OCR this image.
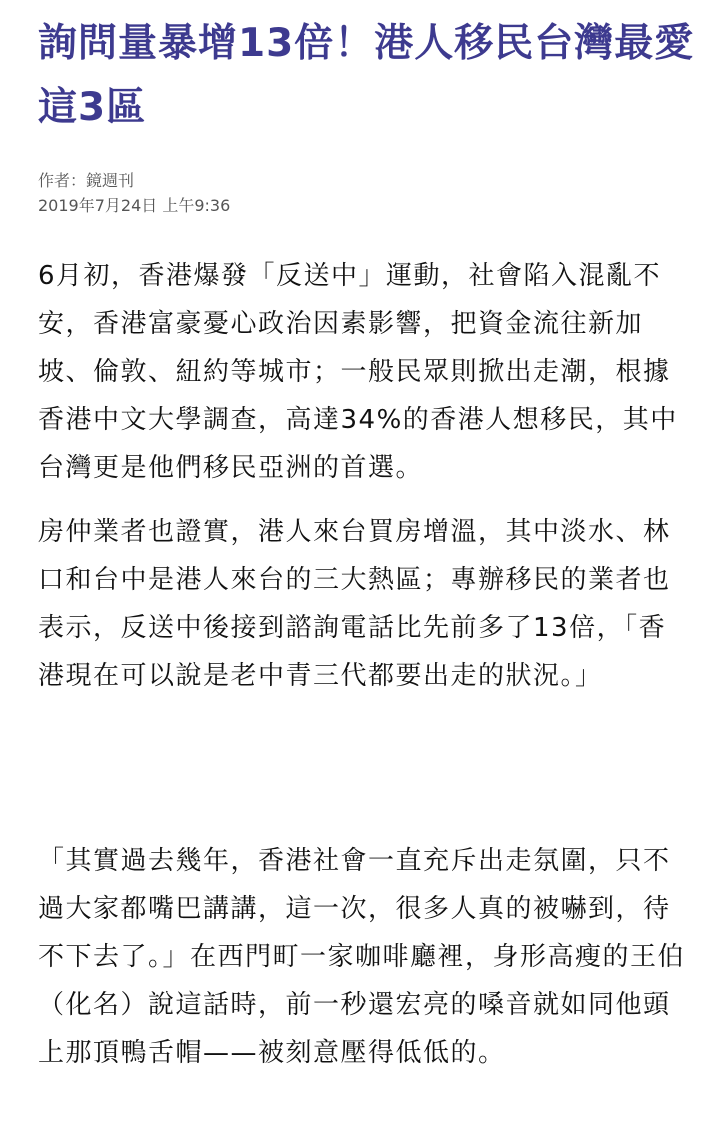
詢問量暴增13倍！港人移民台灣最愛這3區
作者：鏡週刊
2019年7月24日 上午9:36

6月初，香港爆發「反送中」運動，社會陷入混亂不安，香港富豪憂心政治因素影響，把資金流往新加坡、倫敦、紐約等城市；一般民眾則掀出走潮，根據香港中文大學調查，高達34%的香港人想移民，其中台灣更是他們移民亞洲的首選。

房仲業者也證實，港人來台買房增溫，其中淡水、林口和台中是港人來台的三大熱區；專辦移民的業者也表示，反送中後接到諮詢電話比先前多了13倍，「香港現在可以說是老中青三代都要出走的狀況。」

「其實過去幾年，香港社會一直充斥出走氛圍，只不過大家都嘴巴講講，這一次，很多人真的被嚇到，待不下去了。」在西門町一家咖啡廳裡，身形高瘦的王伯（化名）說這話時，前一秒還宏亮的嗓音就如同他頭上那頂鴨舌帽——被刻意壓得低低的。
